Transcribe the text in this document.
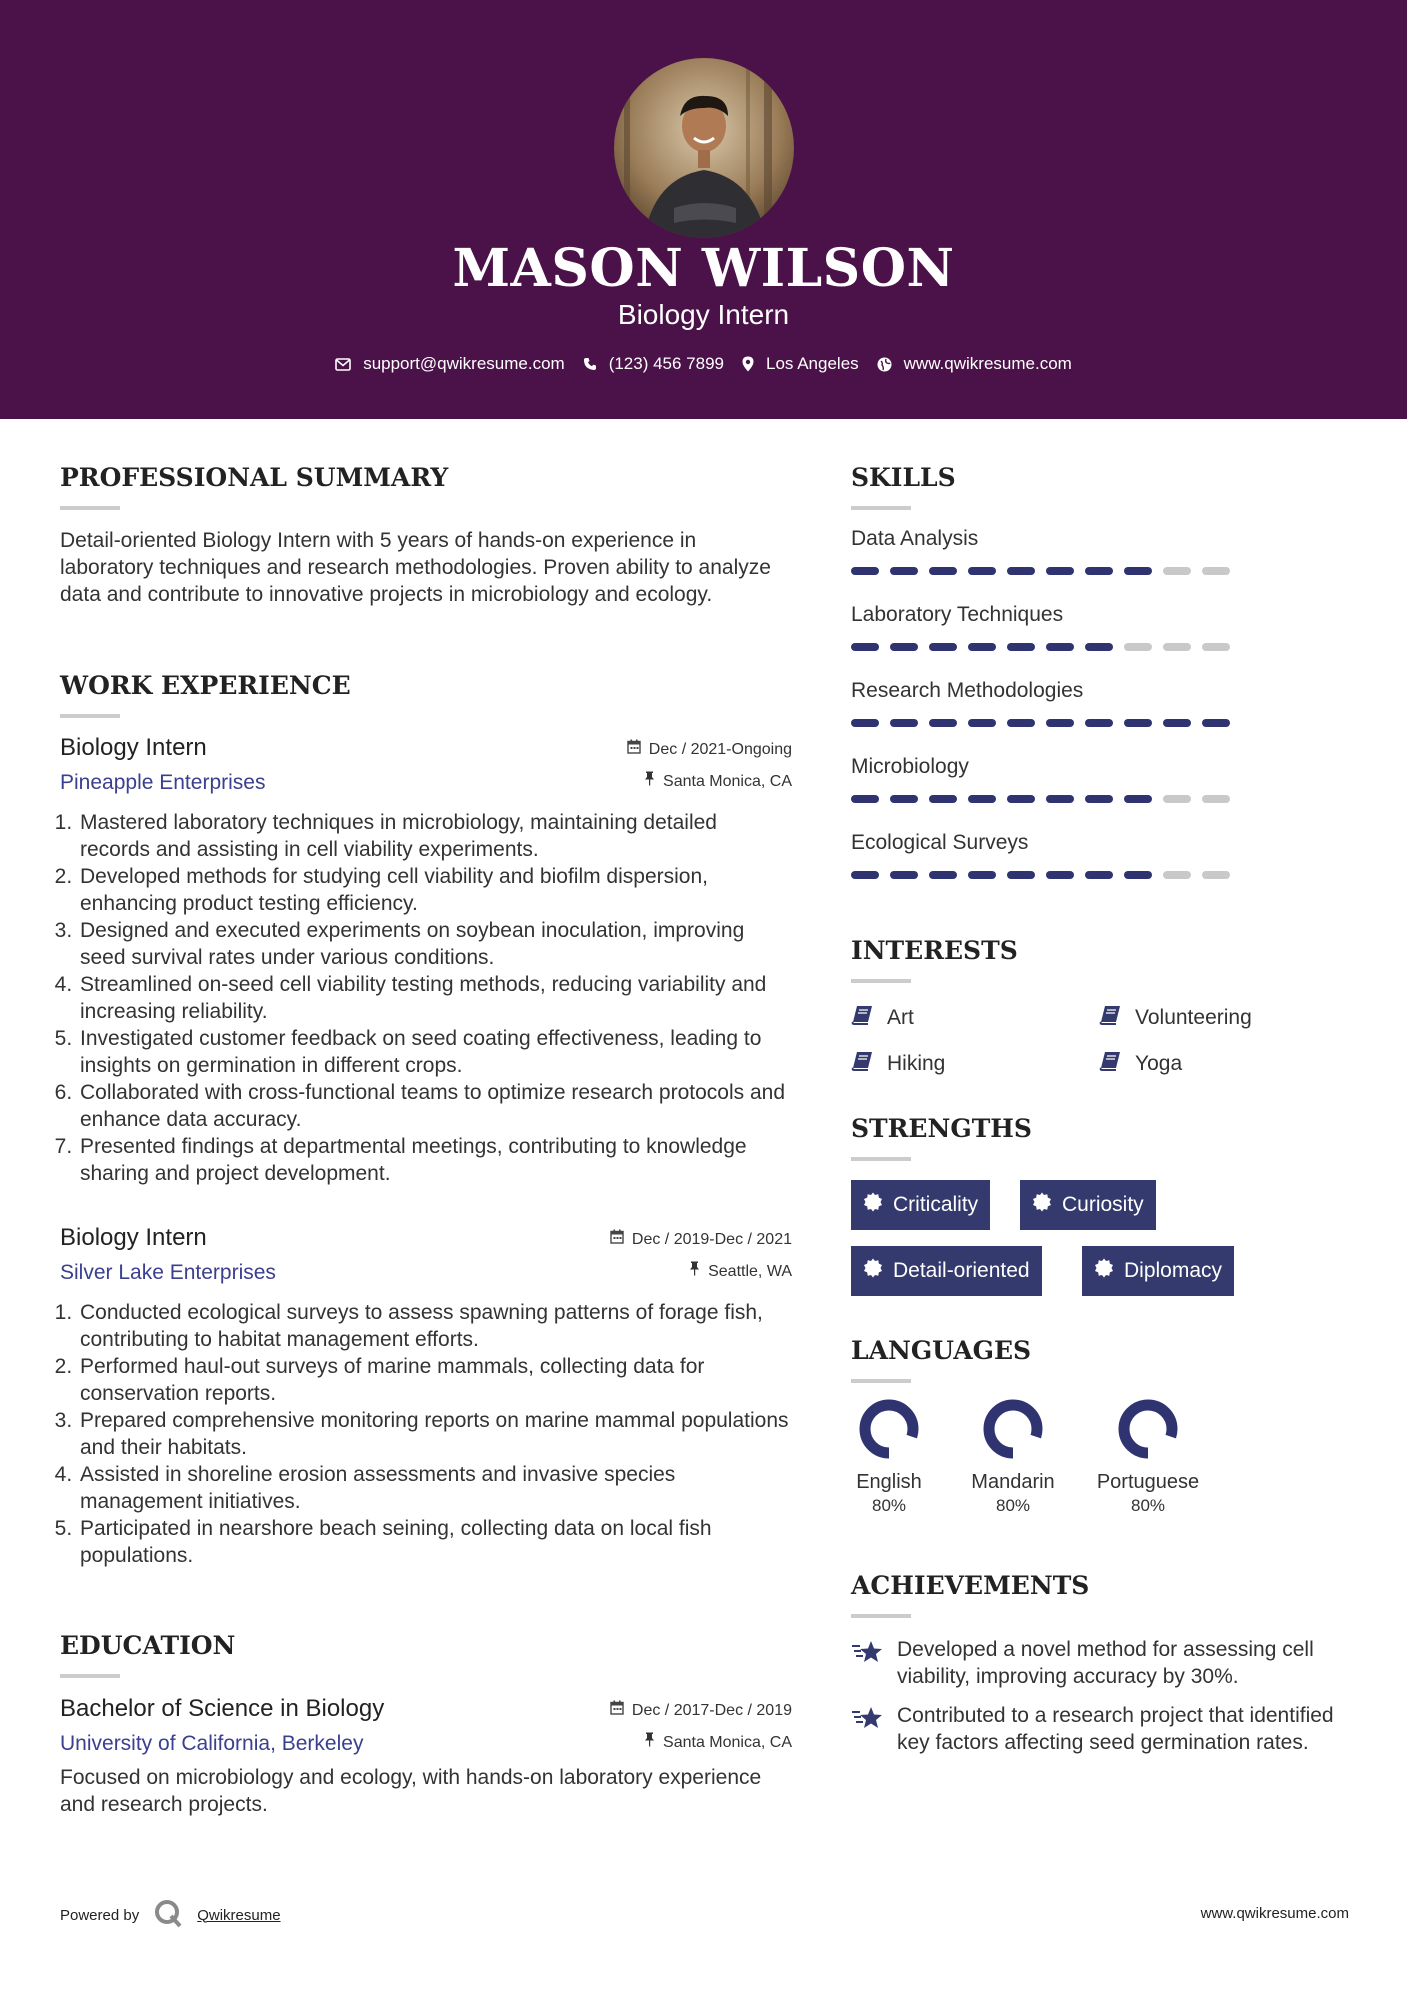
MASON WILSON
Biology Intern
support@qwikresume.com	(123) 456 7899 Los Angeles	www.qwikresume.com
PROFESSIONAL SUMMARY

Detail-oriented Biology Intern with 5 years of hands-on experience in laboratory techniques and research methodologies. Proven ability to analyze data and contribute to innovative projects in microbiology and ecology.

WORK EXPERIENCE
Biology Intern
Pineapple Enterprises
Dec / 2021-Ongoing
Santa Monica, CA
1. Mastered laboratory techniques in microbiology, maintaining detailed records and assisting in cell viability experiments.
2. Developed methods for studying cell viability and biofilm dispersion, enhancing product testing efficiency.
3. Designed and executed experiments on soybean inoculation, improving seed survival rates under various conditions.
4. Streamlined on-seed cell viability testing methods, reducing variability and increasing reliability.
5. Investigated customer feedback on seed coating effectiveness, leading to insights on germination in different crops.
6. Collaborated with cross-functional teams to optimize research protocols and enhance data accuracy.
7. Presented findings at departmental meetings, contributing to knowledge sharing and project development.
Biology Intern
Silver Lake Enterprises
Dec / 2019-Dec / 2021
Seattle, WA
1. Conducted ecological surveys to assess spawning patterns of forage fish, contributing to habitat management efforts.
2. Performed haul-out surveys of marine mammals, collecting data for conservation reports.
3. Prepared comprehensive monitoring reports on marine mammal populations and their habitats.
4. Assisted in shoreline erosion assessments and invasive species management initiatives.
5. Participated in nearshore beach seining, collecting data on local fish populations.
EDUCATION
Bachelor of Science in Biology
University of California, Berkeley
Dec / 2017-Dec / 2019
Santa Monica, CA

Focused on microbiology and ecology, with hands-on laboratory experience and research projects.

SKILLS
Data Analysis
Laboratory Techniques
Research Methodologies
Microbiology
Ecological Surveys
INTERESTS
Art	Volunteering
Hiking	Yoga
STRENGTHS
Criticality	Curiosity
Detail-oriented	Diplomacy
LANGUAGES
English
80%
Mandarin
80%
Portuguese
80%
ACHIEVEMENTS
Developed a novel method for assessing cell viability, improving accuracy by 30%.
Contributed to a research project that identified key factors affecting seed germination rates.
Powered by	Qwikresume	www.qwikresume.com
